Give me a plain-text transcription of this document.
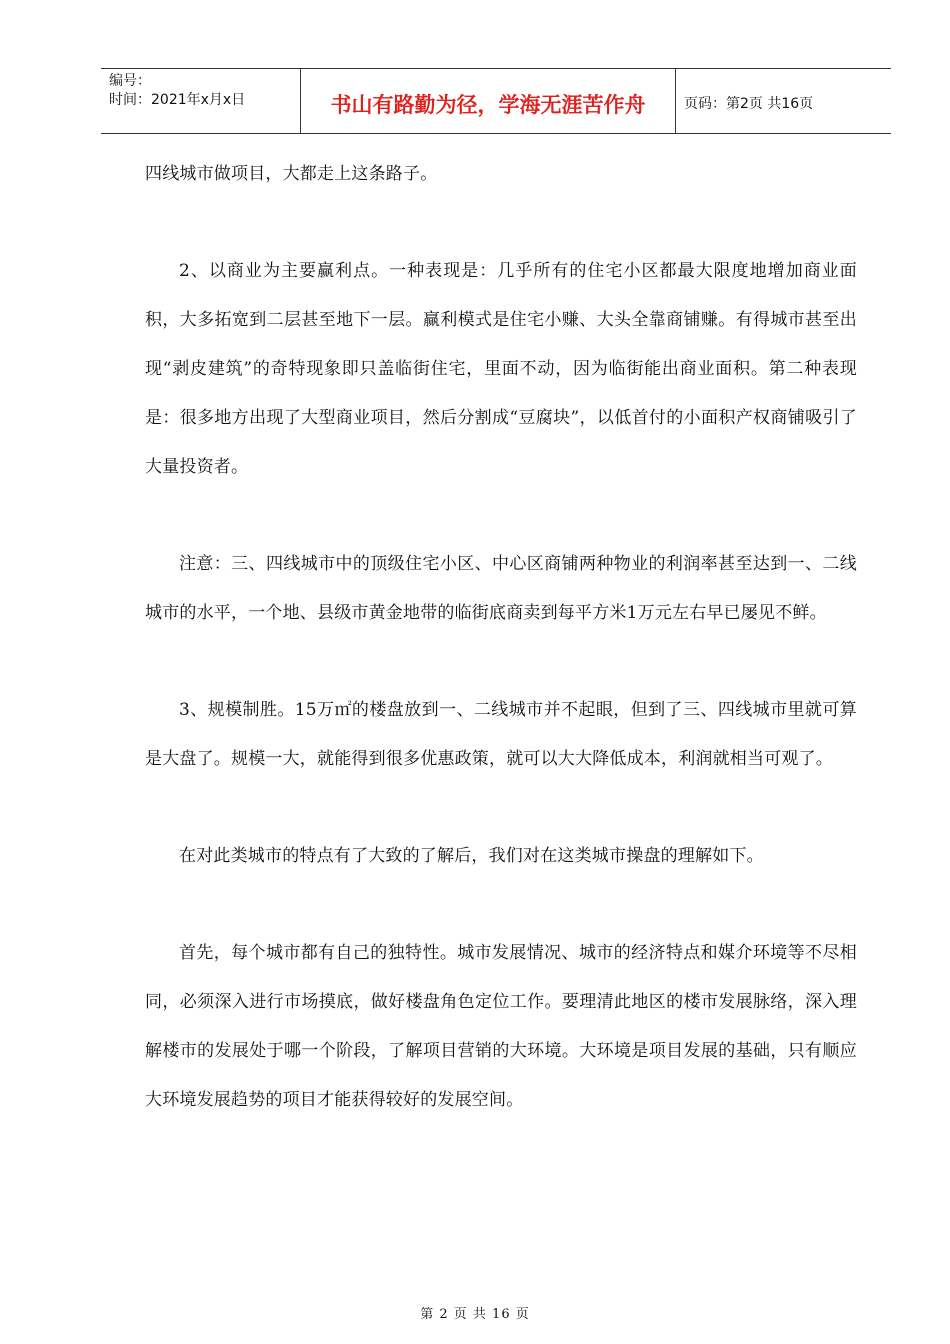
编号：
时间：2021年x月x日	书山有路勤为径，学海无涯苦作舟	页码：第2页 共16页

四线城市做项目，大都走上这条路子。

2、以商业为主要赢利点。一种表现是：几乎所有的住宅小区都最大限度地增加商业面积，大多拓宽到二层甚至地下一层。赢利模式是住宅小赚、大头全靠商铺赚。有得城市甚至出现“剥皮建筑”的奇特现象即只盖临街住宅，里面不动，因为临街能出商业面积。第二种表现是：很多地方出现了大型商业项目，然后分割成“豆腐块”，以低首付的小面积产权商铺吸引了大量投资者。

注意：三、四线城市中的顶级住宅小区、中心区商铺两种物业的利润率甚至达到一、二线城市的水平，一个地、县级市黄金地带的临街底商卖到每平方米1万元左右早已屡见不鲜。

3、规模制胜。15万㎡的楼盘放到一、二线城市并不起眼，但到了三、四线城市里就可算是大盘了。规模一大，就能得到很多优惠政策，就可以大大降低成本，利润就相当可观了。

在对此类城市的特点有了大致的了解后，我们对在这类城市操盘的理解如下。

首先，每个城市都有自己的独特性。城市发展情况、城市的经济特点和媒介环境等不尽相同，必须深入进行市场摸底，做好楼盘角色定位工作。要理清此地区的楼市发展脉络，深入理解楼市的发展处于哪一个阶段，了解项目营销的大环境。大环境是项目发展的基础，只有顺应大环境发展趋势的项目才能获得较好的发展空间。

第 2 页 共 16 页
